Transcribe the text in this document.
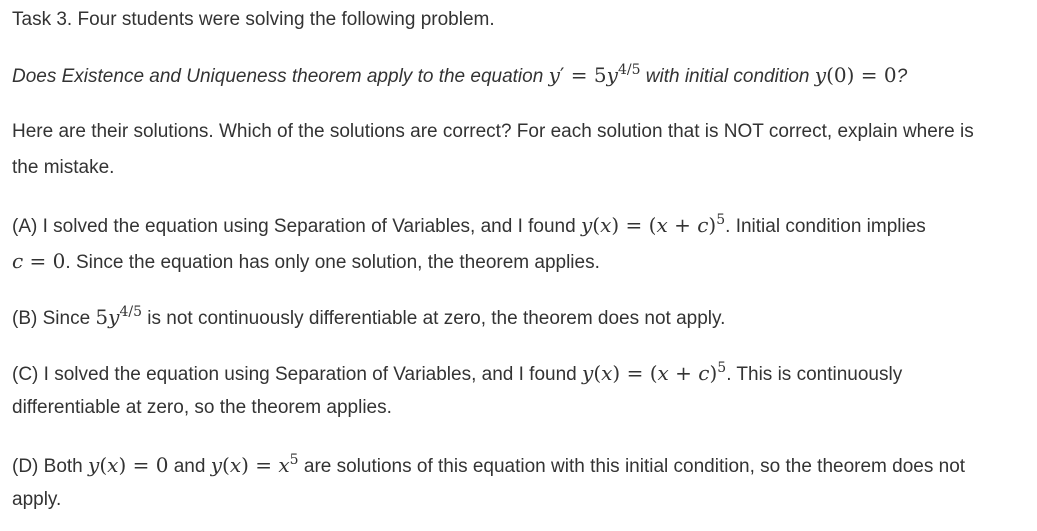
Task 3. Four students were solving the following problem.
Does Existence and Uniqueness theorem apply to the equation $y' = 5y^{4/5}$ with initial condition y(0) = 0?
Here are their solutions. Which of the solutions are correct? For each solution that is NOT correct, explain where is
the mistake.
(A) I solved the equation using Separation of Variables, and I found $y(x) = (x + c)^5$. Initial condition implies
c = 0. Since the equation has only one solution, the theorem applies.
(B) Since $5y^{4/5}$ is not continuously differentiable at zero, the theorem does not apply.
(C) I solved the equation using Separation of Variables, and I found $y(x) = (x + c)^5$. This is continuously
differentiable at zero, so the theorem applies.
(D) Both y(x) = 0 and $y(x) = x^5$ are solutions of this equation with this initial condition, so the theorem does not
apply.
